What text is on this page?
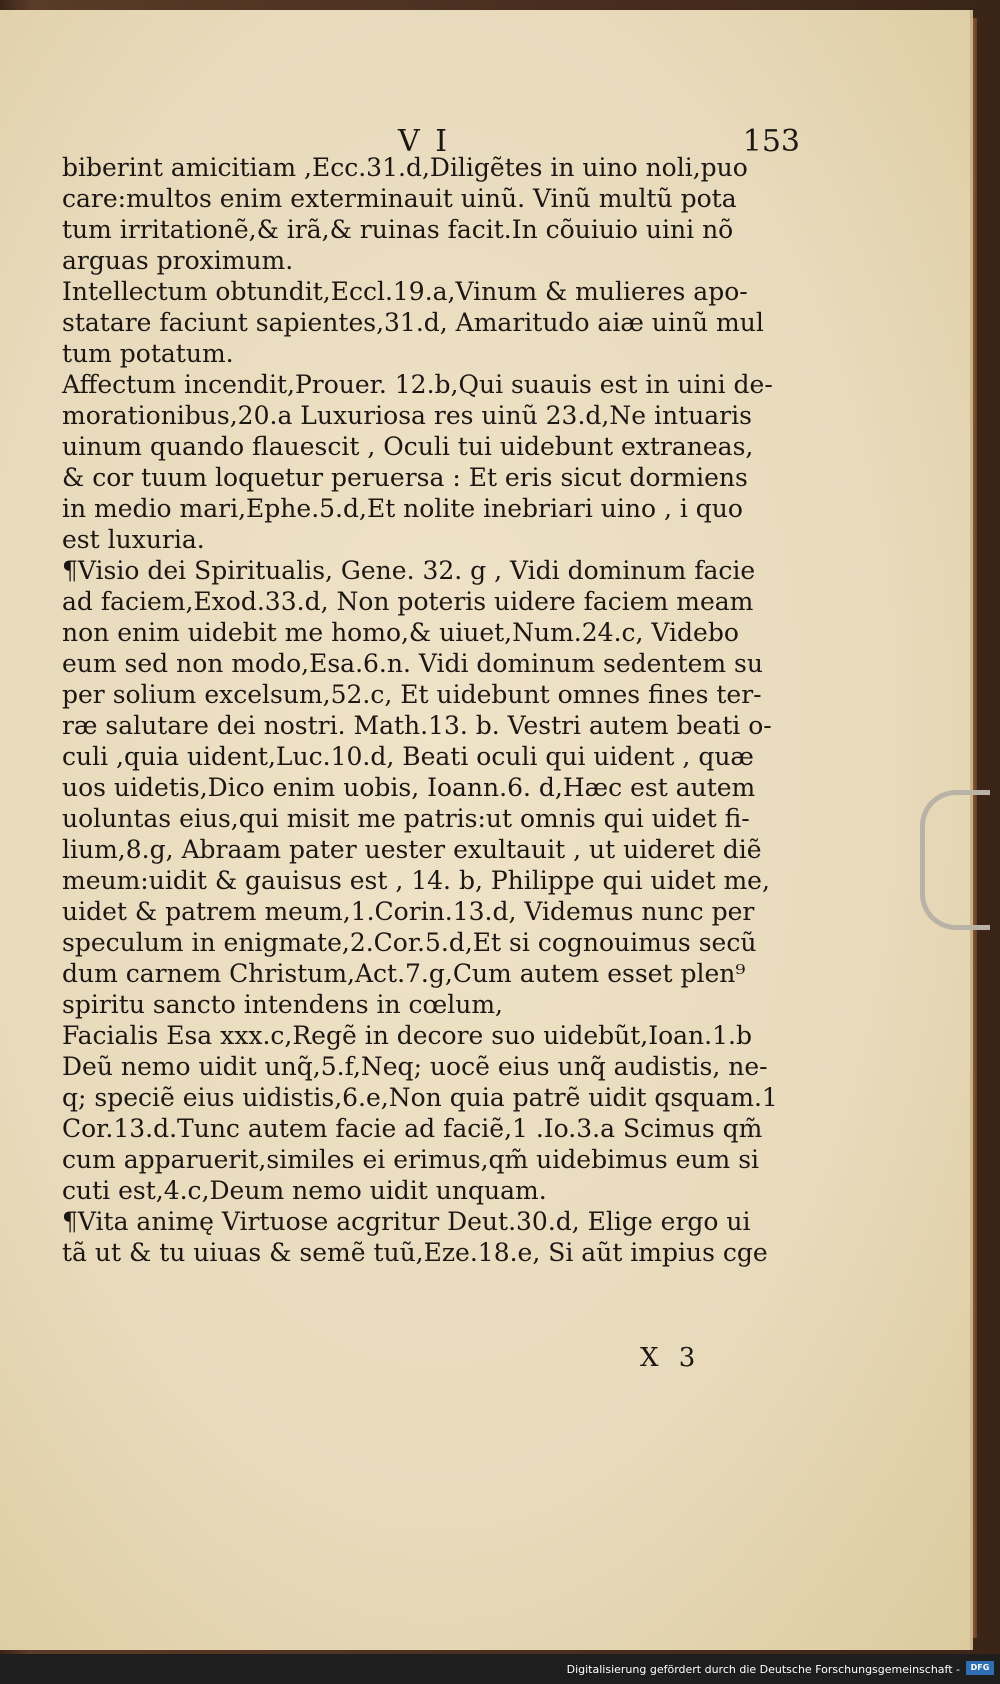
V I	153

biberint amicitiam ,Ecc.31.d,Diligẽtes in uino noli,puo
care:multos enim exterminauit uinũ. Vinũ multũ pota
tum irritationẽ,& irã,& ruinas facit.In cõuiuio uini nõ
arguas proximum.

Intellectum obtundit,Eccl.19.a,Vinum & mulieres apo-
statare faciunt sapientes,31.d, Amaritudo aiæ uinũ mul
tum potatum.

Affectum incendit,Prouer. 12.b,Qui suauis est in uini de-
morationibus,20.a Luxuriosa res uinũ 23.d,Ne intuaris
uinum quando flauescit , Oculi tui uidebunt extraneas,
& cor tuum loquetur peruersa : Et eris sicut dormiens
in medio mari,Ephe.5.d,Et nolite inebriari uino , i quo
est luxuria.

¶Visio dei Spiritualis, Gene. 32. g , Vidi dominum facie
ad faciem,Exod.33.d, Non poteris uidere faciem meam
non enim uidebit me homo,& uiuet,Num.24.c, Videbo
eum sed non modo,Esa.6.n. Vidi dominum sedentem su
per solium excelsum,52.c, Et uidebunt omnes fines ter-
ræ salutare dei nostri. Math.13. b. Vestri autem beati o-
culi ,quia uident,Luc.10.d, Beati oculi qui uident , quæ
uos uidetis,Dico enim uobis, Ioann.6. d,Hæc est autem
uoluntas eius,qui misit me patris:ut omnis qui uidet fi-
lium,8.g, Abraam pater uester exultauit , ut uideret diẽ
meum:uidit & gauisus est , 14. b, Philippe qui uidet me,
uidet & patrem meum,1.Corin.13.d, Videmus nunc per
speculum in enigmate,2.Cor.5.d,Et si cognouimus secũ
dum carnem Christum,Act.7.g,Cum autem esset plen⁹
spiritu sancto intendens in cœlum,

Facialis Esa xxx.c,Regẽ in decore suo uidebũt,Ioan.1.b
Deũ nemo uidit unq̃,5.f,Neq; uocẽ eius unq̃ audistis, ne-
q; speciẽ eius uidistis,6.e,Non quia patrẽ uidit qsquam.1
Cor.13.d.Tunc autem facie ad faciẽ,1 .Io.3.a Scimus qm̃
cum apparuerit,similes ei erimus,qm̃ uidebimus eum si
cuti est,4.c,Deum nemo uidit unquam.

¶Vita animę Virtuose acgritur Deut.30.d, Elige ergo ui
tã ut & tu uiuas & semẽ tuũ,Eze.18.e, Si aũt impius cge

X 3
Digitalisierung gefördert durch die Deutsche Forschungsgemeinschaft -	DFG
